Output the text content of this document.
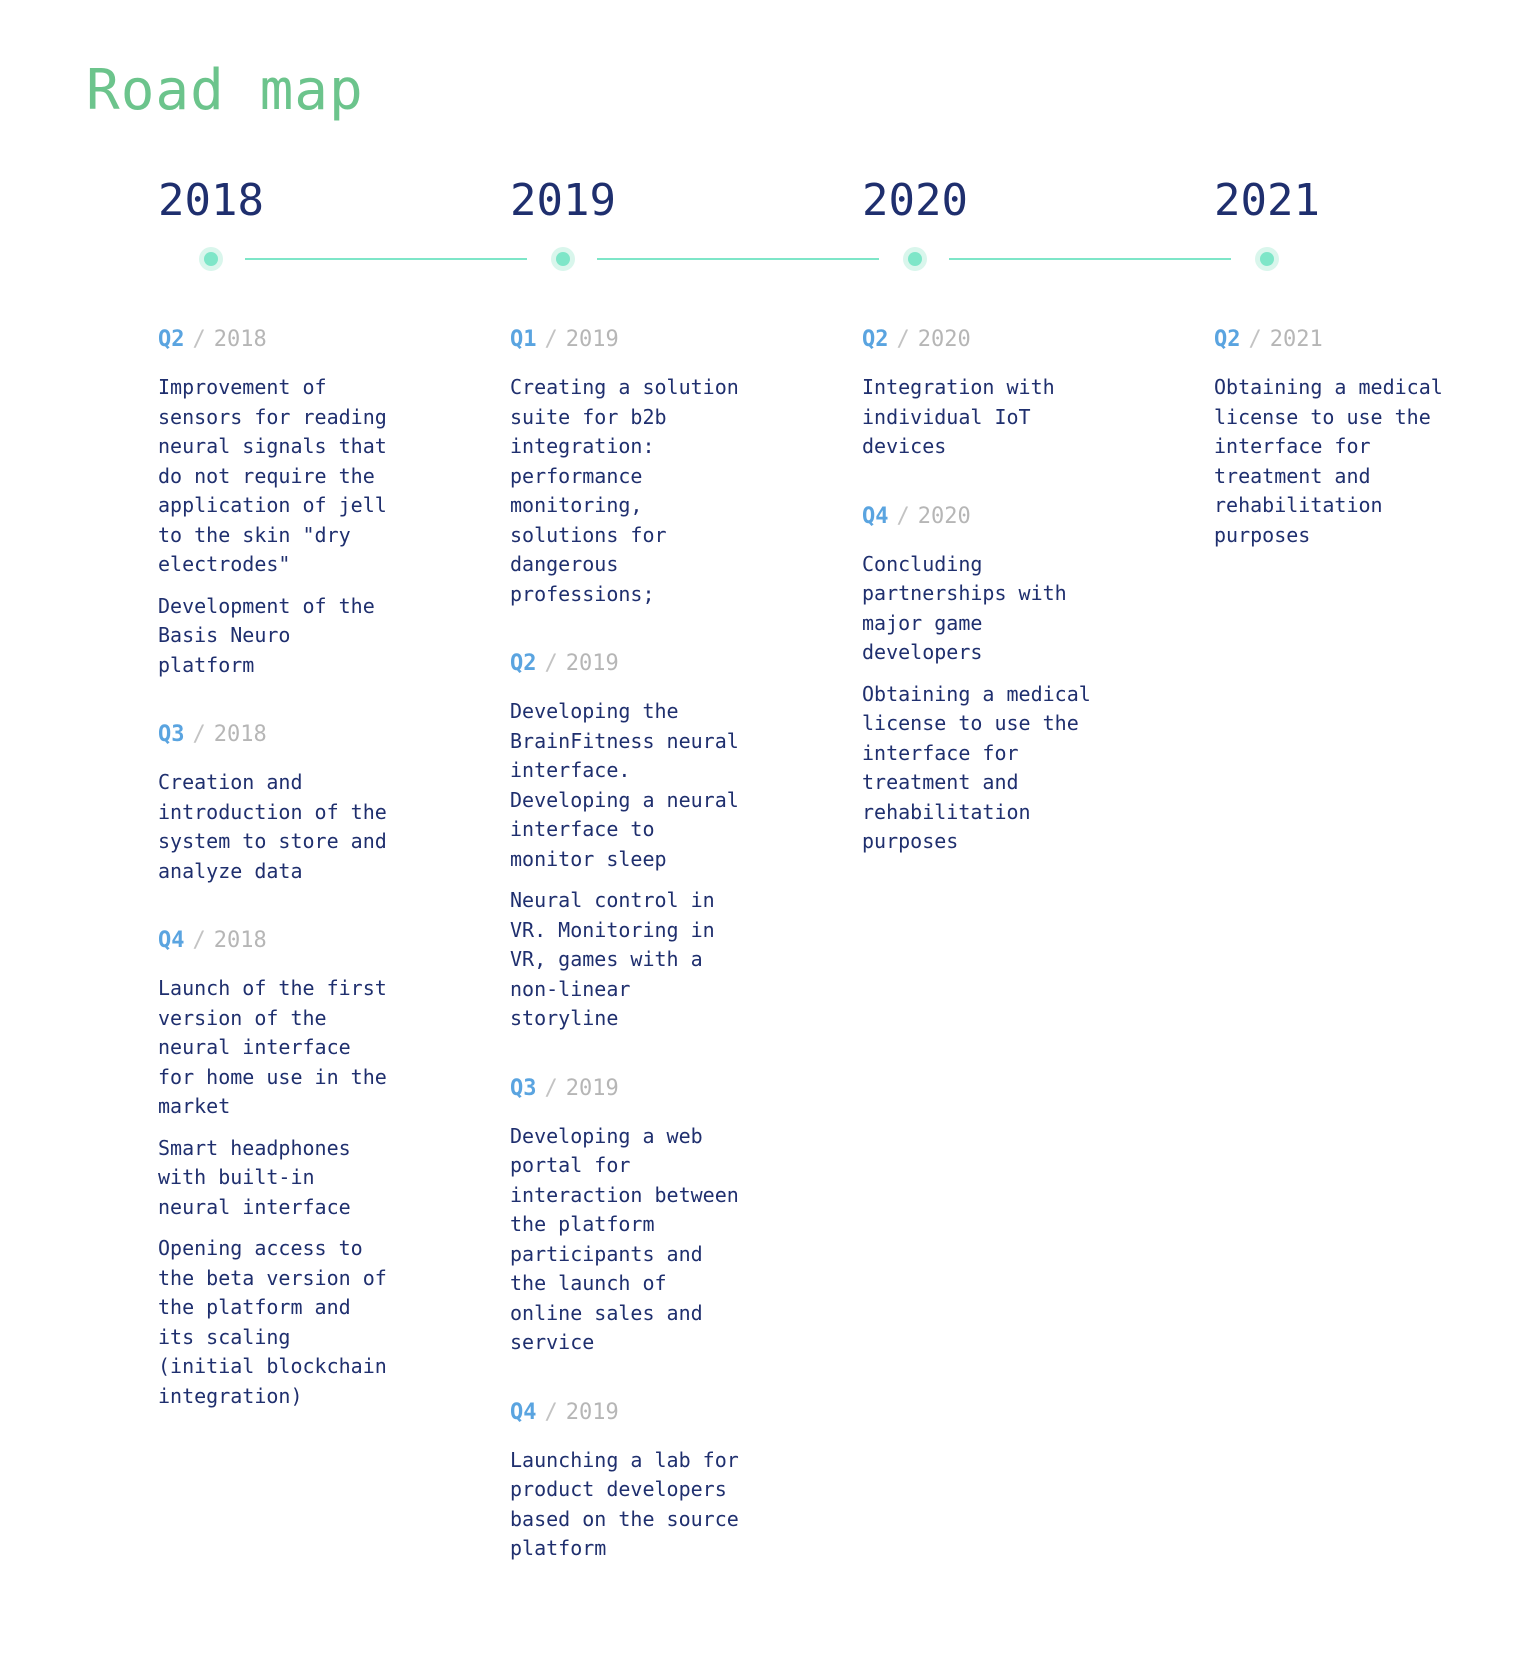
Road map
2018	2019	2020	2021
Q2 / 2018

Improvement of sensors for reading neural signals that do not require the application of jell to the skin "dry electrodes"

Development of the Basis Neuro platform

Q3 / 2018

Creation and introduction of the system to store and analyze data

Q4 / 2018

Launch of the first version of the neural interface for home use in the market

Smart headphones with built-in neural interface

Opening access to the beta version of the platform and its scaling (initial blockchain integration)

Q1 / 2019

Creating a solution suite for b2b integration: performance monitoring, solutions for dangerous professions;

Q2 / 2019

Developing the BrainFitness neural interface. Developing a neural interface to monitor sleep

Neural control in VR. Monitoring in VR, games with a non-linear storyline

Q3 / 2019

Developing a web portal for interaction between the platform participants and the launch of online sales and service

Q4 / 2019

Launching a lab for product developers based on the source platform

Q2 / 2020

Integration with individual IoT devices

Q4 / 2020

Concluding partnerships with major game developers

Obtaining a medical license to use the interface for treatment and rehabilitation purposes

Q2 / 2021

Obtaining a medical license to use the interface for treatment and rehabilitation purposes
